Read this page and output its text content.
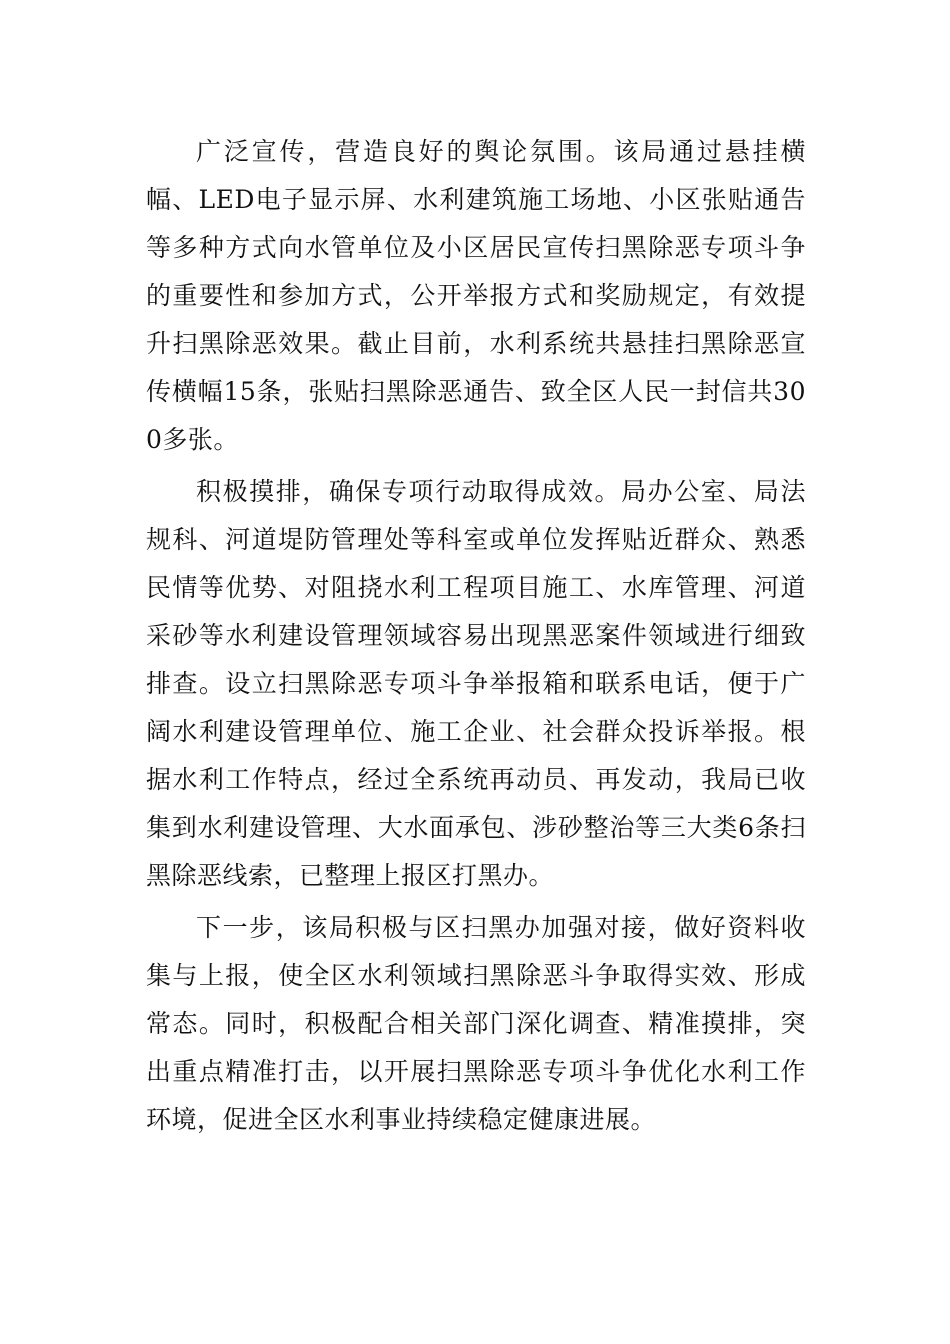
广泛宣传，营造良好的舆论氛围。该局通过悬挂横幅、LED电子显示屏、水利建筑施工场地、小区张贴通告等多种方式向水管单位及小区居民宣传扫黑除恶专项斗争的重要性和参加方式，公开举报方式和奖励规定，有效提升扫黑除恶效果。截止目前，水利系统共悬挂扫黑除恶宣传横幅15条，张贴扫黑除恶通告、致全区人民一封信共300多张。

积极摸排，确保专项行动取得成效。局办公室、局法规科、河道堤防管理处等科室或单位发挥贴近群众、熟悉民情等优势、对阻挠水利工程项目施工、水库管理、河道采砂等水利建设管理领域容易出现黑恶案件领域进行细致排查。设立扫黑除恶专项斗争举报箱和联系电话，便于广阔水利建设管理单位、施工企业、社会群众投诉举报。根据水利工作特点，经过全系统再动员、再发动，我局已收集到水利建设管理、大水面承包、涉砂整治等三大类6条扫黑除恶线索，已整理上报区打黑办。

下一步，该局积极与区扫黑办加强对接，做好资料收集与上报，使全区水利领域扫黑除恶斗争取得实效、形成常态。同时，积极配合相关部门深化调查、精准摸排，突出重点精准打击，以开展扫黑除恶专项斗争优化水利工作环境，促进全区水利事业持续稳定健康进展。
